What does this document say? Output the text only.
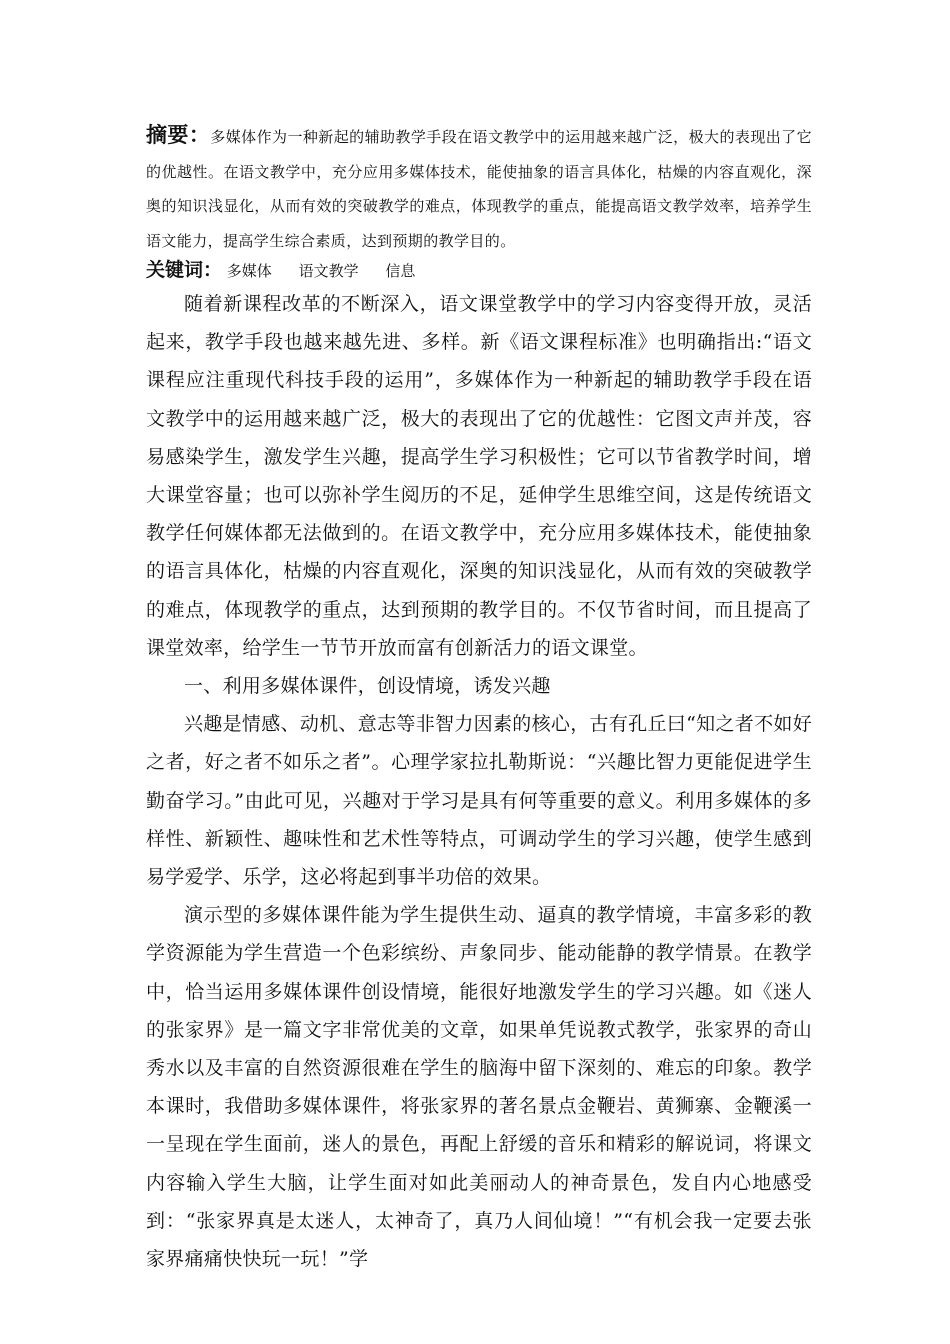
摘要：多媒体作为一种新起的辅助教学手段在语文教学中的运用越来越广泛，极大的表现出了它的优越性。在语文教学中，充分应用多媒体技术，能使抽象的语言具体化，枯燥的内容直观化，深奥的知识浅显化，从而有效的突破教学的难点，体现教学的重点，能提高语文教学效率，培养学生语文能力，提高学生综合素质，达到预期的教学目的。
关键词： 多媒体 语文教学 信息

随着新课程改革的不断深入，语文课堂教学中的学习内容变得开放，灵活起来，教学手段也越来越先进、多样。新《语文课程标准》也明确指出:“语文课程应注重现代科技手段的运用”，多媒体作为一种新起的辅助教学手段在语文教学中的运用越来越广泛，极大的表现出了它的优越性：它图文声并茂，容易感染学生，激发学生兴趣，提高学生学习积极性；它可以节省教学时间，增大课堂容量；也可以弥补学生阅历的不足，延伸学生思维空间，这是传统语文教学任何媒体都无法做到的。在语文教学中，充分应用多媒体技术，能使抽象的语言具体化，枯燥的内容直观化，深奥的知识浅显化，从而有效的突破教学的难点，体现教学的重点，达到预期的教学目的。不仅节省时间，而且提高了课堂效率，给学生一节节开放而富有创新活力的语文课堂。

一、利用多媒体课件，创设情境，诱发兴趣

兴趣是情感、动机、意志等非智力因素的核心，古有孔丘曰“知之者不如好之者，好之者不如乐之者”。心理学家拉扎勒斯说：“兴趣比智力更能促进学生勤奋学习。”由此可见，兴趣对于学习是具有何等重要的意义。利用多媒体的多样性、新颖性、趣味性和艺术性等特点，可调动学生的学习兴趣，使学生感到易学爱学、乐学，这必将起到事半功倍的效果。

演示型的多媒体课件能为学生提供生动、逼真的教学情境，丰富多彩的教学资源能为学生营造一个色彩缤纷、声象同步、能动能静的教学情景。在教学中，恰当运用多媒体课件创设情境，能很好地激发学生的学习兴趣。如《迷人的张家界》是一篇文字非常优美的文章，如果单凭说教式教学，张家界的奇山秀水以及丰富的自然资源很难在学生的脑海中留下深刻的、难忘的印象。教学本课时，我借助多媒体课件，将张家界的著名景点金鞭岩、黄狮寨、金鞭溪一一呈现在学生面前，迷人的景色，再配上舒缓的音乐和精彩的解说词，将课文内容输入学生大脑，让学生面对如此美丽动人的神奇景色，发自内心地感受到：“张家界真是太迷人，太神奇了，真乃人间仙境！”“有机会我一定要去张家界痛痛快快玩一玩！”学
